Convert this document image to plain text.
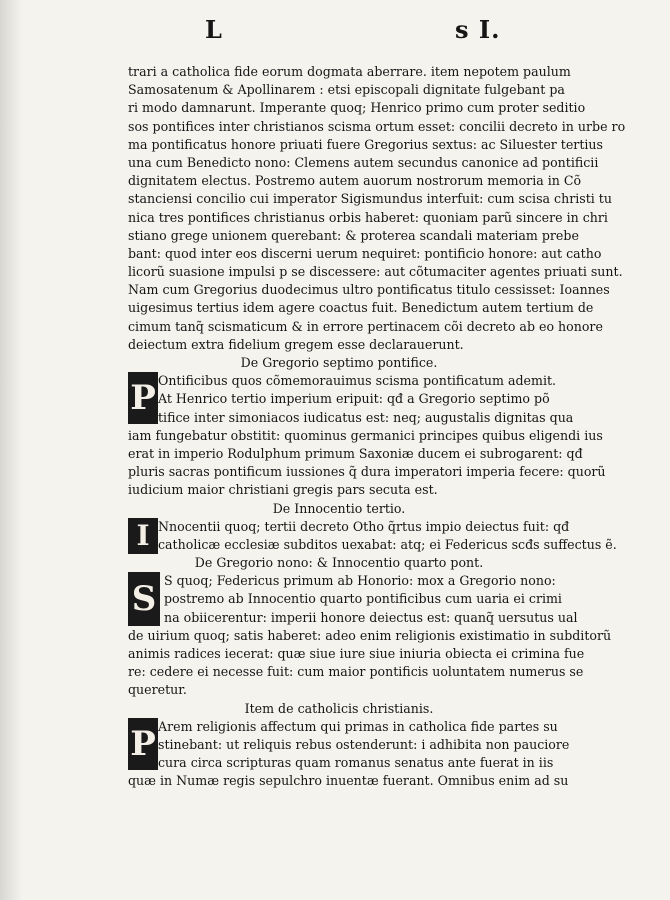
L	s I.
trari a catholica fide eorum dogmata aberrare. item nepotem paulum
Samosatenum & Apollinarem : etsi episcopali dignitate fulgebant pa
ri modo damnarunt. Imperante quoq; Henrico primo cum proter seditio
sos pontifices inter christianos scisma ortum esset: concilii decreto in urbe ro
ma pontificatus honore priuati fuere Gregorius sextus: ac Siluester tertius
una cum Benedicto nono: Clemens autem secundus canonice ad pontificii
dignitatem electus. Postremo autem auorum nostrorum memoria in Cõ
stanciensi concilio cui imperator Sigismundus interfuit: cum scisa christi tu
nica tres pontifices christianus orbis haberet: quoniam parũ sincere in chri
stiano grege unionem querebant: & proterea scandali materiam prebe
bant: quod inter eos discerni uerum nequiret: pontificio honore: aut catho
licorũ suasione impulsi p se discessere: aut cõtumaciter agentes priuati sunt.
Nam cum Gregorius duodecimus ultro pontificatus titulo cessisset: Ioannes
uigesimus tertius idem agere coactus fuit. Benedictum autem tertium de
cimum tanq̃ scismaticum & in errore pertinacem cõi decreto ab eo honore
deiectum extra fidelium gregem esse declarauerunt.
De Gregorio septimo pontifice.
P Ontificibus quos cõmemorauimus scisma pontificatum ademit.
At Henrico tertio imperium eripuit: qđ a Gregorio septimo põ
tifice inter simoniacos iudicatus est: neq; augustalis dignitas qua
iam fungebatur obstitit: quominus germanici principes quibus eligendi ius
erat in imperio Rodulphum primum Saxoniæ ducem ei subrogarent: qđ
pluris sacras pontificum iussiones q̃ dura imperatori imperia fecere: quorũ
iudicium maior christiani gregis pars secuta est.
De Innocentio tertio.
I Nnocentii quoq; tertii decreto Otho q̃rtus impio deiectus fuit: qđ
catholicæ ecclesiæ subditos uexabat: atq; ei Federicus scđs suffectus ẽ.
De Gregorio nono: & Innocentio quarto pont.
S S quoq; Federicus primum ab Honorio: mox a Gregorio nono:
postremo ab Innocentio quarto pontificibus cum uaria ei crimi
na obiicerentur: imperii honore deiectus est: quanq̃ uersutus ual
de uirium quoq; satis haberet: adeo enim religionis existimatio in subditorũ
animis radices iecerat: quæ siue iure siue iniuria obiecta ei crimina fue
re: cedere ei necesse fuit: cum maior pontificis uoluntatem numerus se
queretur.
Item de catholicis christianis.
P Arem religionis affectum qui primas in catholica fide partes su
stinebant: ut reliquis rebus ostenderunt: i adhibita non pauciore
cura circa scripturas quam romanus senatus ante fuerat in iis
quæ in Numæ regis sepulchro inuentæ fuerant. Omnibus enim ad su
